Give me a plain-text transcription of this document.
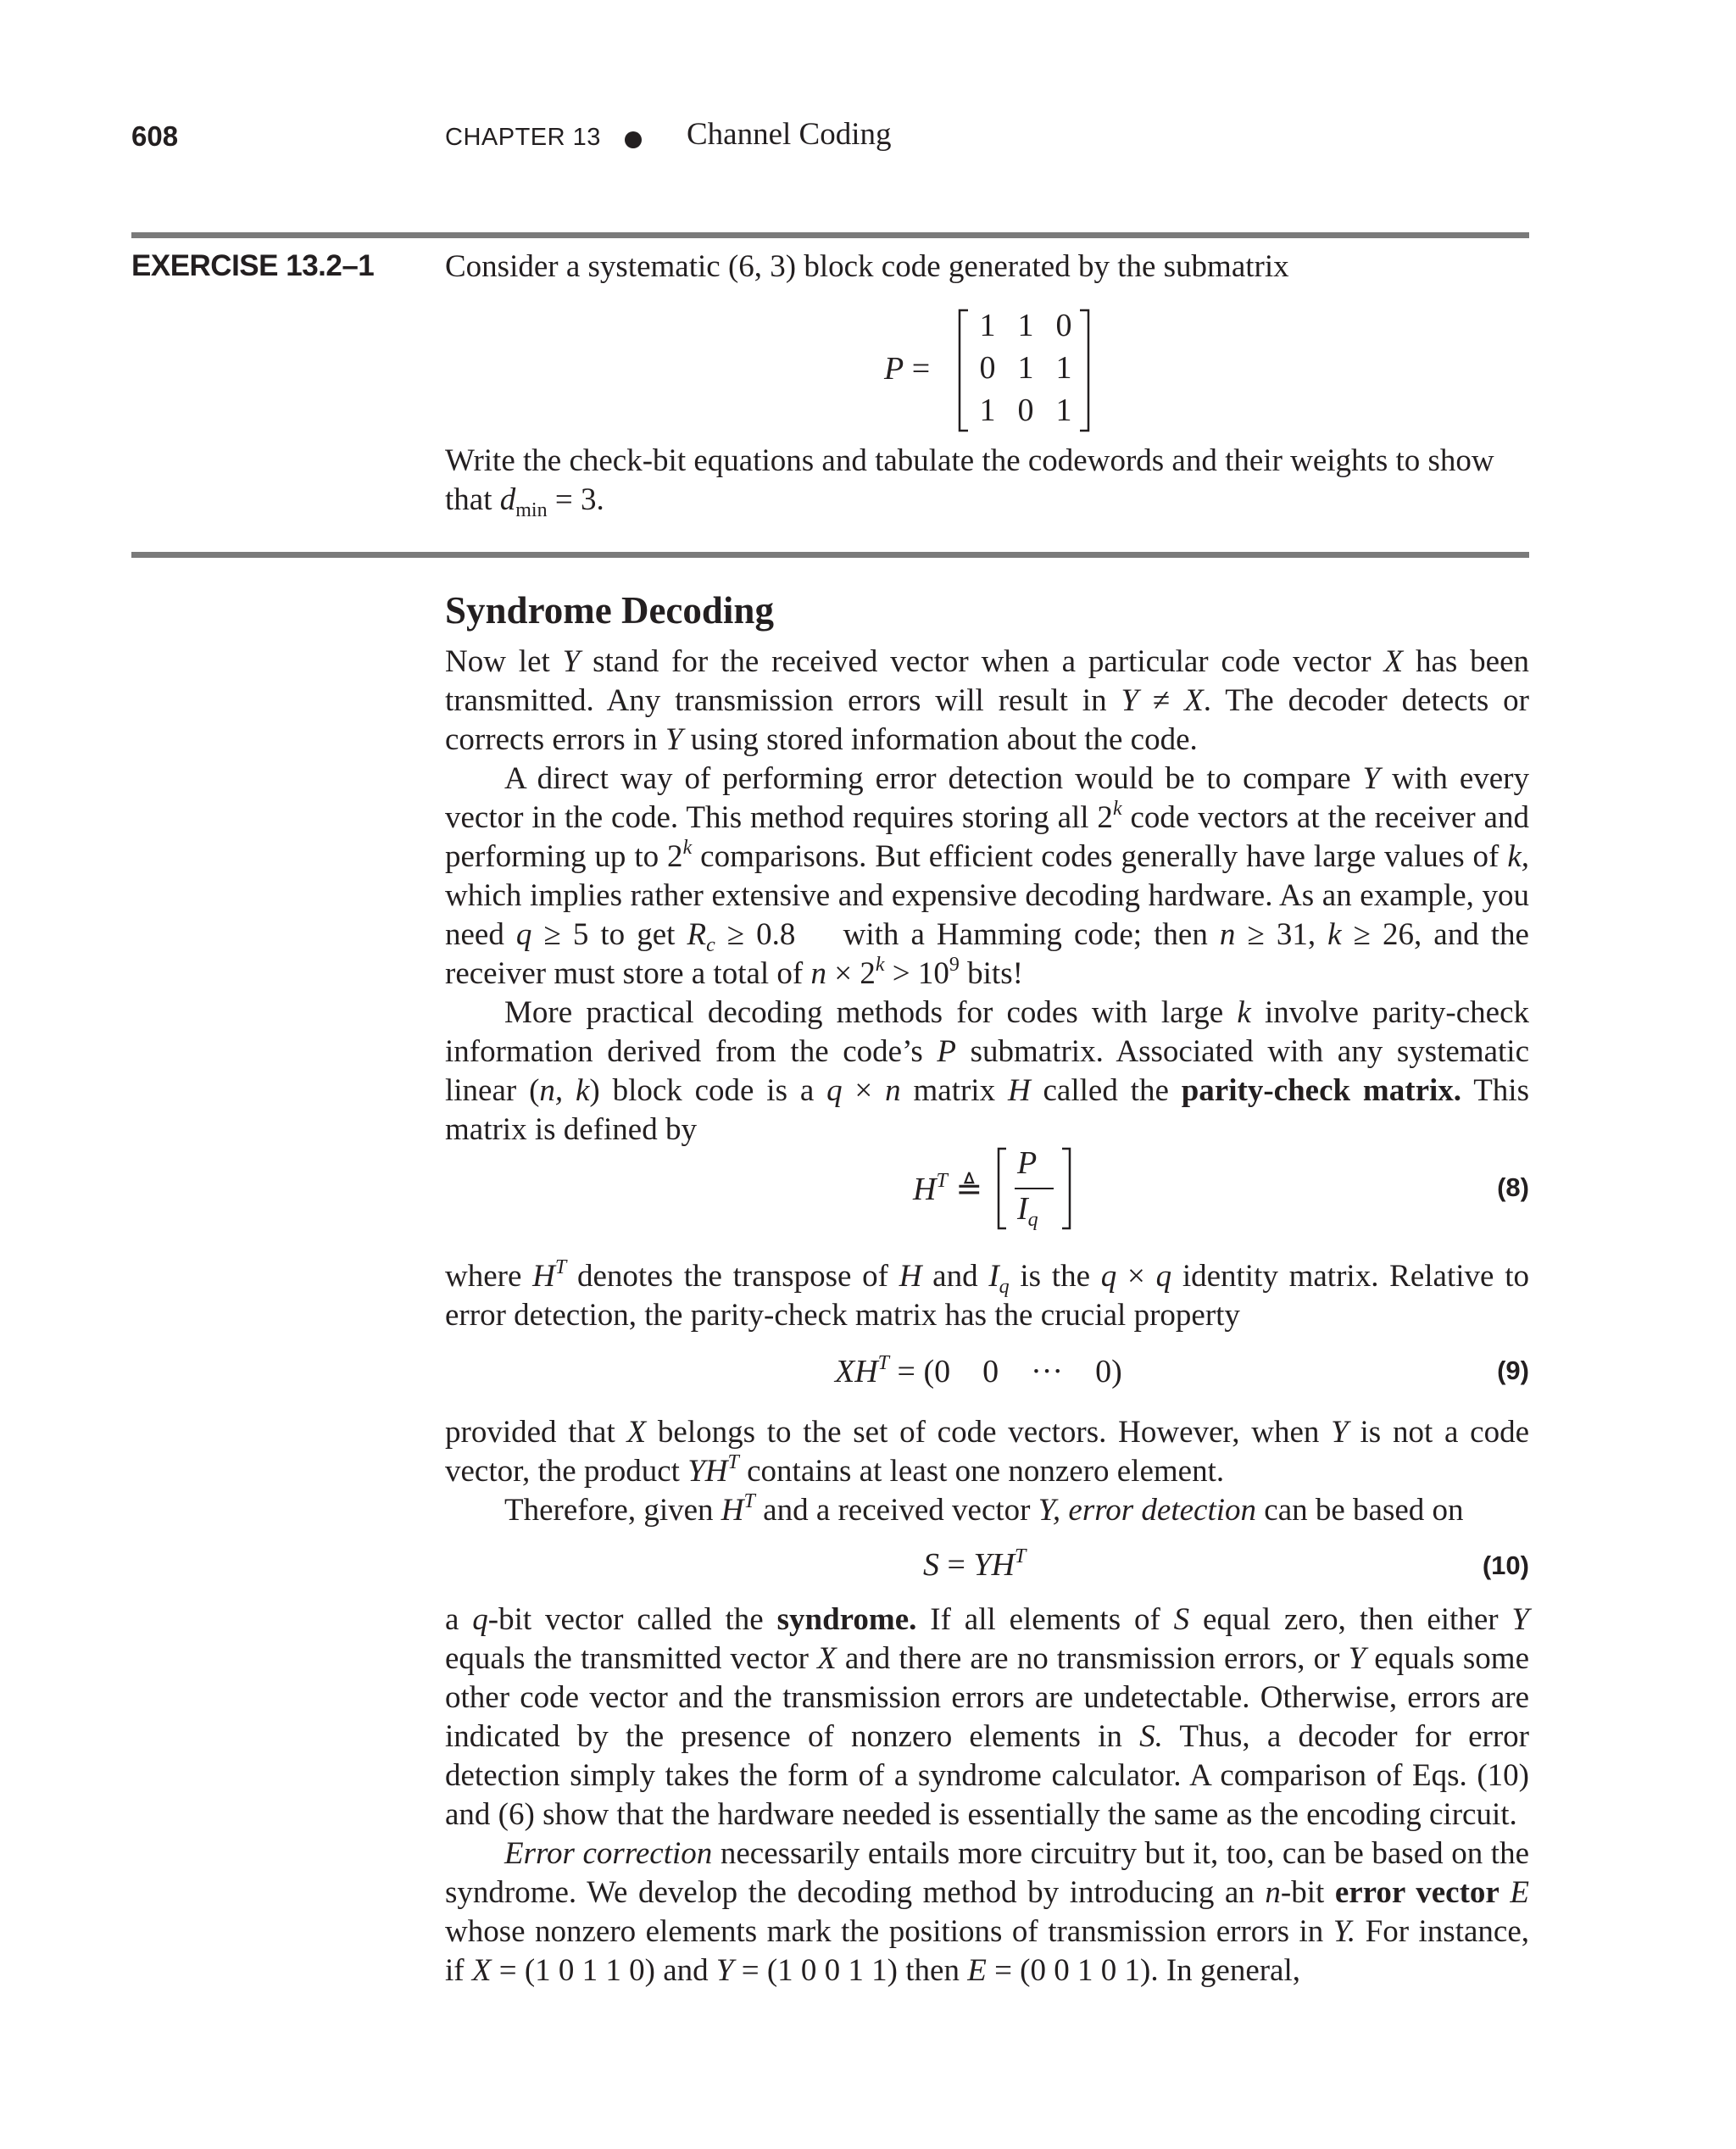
608	CHAPTER 13	Channel Coding
EXERCISE 13.2–1 Consider a systematic (6, 3) block code generated by the submatrix
P =
1 1 0
0 1 1
1 0 1

Write the check-bit equations and tabulate the codewords and their weights to show

that $d_{min} = 3$.

Syndrome Decoding

Now let Y stand for the received vector when a particular code vector X has been transmitted. Any transmission errors will result in Y ≠ X. The decoder detects or corrects errors in Y using stored information about the code.

A direct way of performing error detection would be to compare Y with every vector in the code. This method requires storing all 2$^k$ code vectors at the receiver and performing up to 2$^k$ comparisons. But efficient codes generally have large values of k, which implies rather extensive and expensive decoding hardware. As an example, you need q ≥ 5 to get $R_c \ge 0.8$    with a Hamming code; then n ≥ 31, k ≥ 26, and the receiver must store a total of $n \times 2^k > 10^9$ bits!

More practical decoding methods for codes with large k involve parity-check information derived from the code’s P submatrix. Associated with any systematic linear (n, k) block code is a q × n matrix H called the parity-check matrix. This matrix is defined by

$H^T$ ≜
P
$I_q$
(8)

where $H^T$ denotes the transpose of H and $I_q$ is the q × q identity matrix. Relative to error detection, the parity-check matrix has the crucial property

$XH^T = (0$    0    ···    0)	(9)

provided that X belongs to the set of code vectors. However, when Y is not a code vector, the product $YH^T$ contains at least one nonzero element.

Therefore, given $H^T$ and a received vector Y, error detection can be based on

$S = YH^T$	(10)

a q-bit vector called the syndrome. If all elements of S equal zero, then either Y equals the transmitted vector X and there are no transmission errors, or Y equals some other code vector and the transmission errors are undetectable. Otherwise, errors are indicated by the presence of nonzero elements in S. Thus, a decoder for error detection simply takes the form of a syndrome calculator. A comparison of Eqs. (10) and (6) show that the hardware needed is essentially the same as the encoding circuit.

Error correction necessarily entails more circuitry but it, too, can be based on the syndrome. We develop the decoding method by introducing an n-bit error vector E whose nonzero elements mark the positions of transmission errors in Y. For instance, if X = (1 0 1 1 0) and Y = (1 0 0 1 1) then E = (0 0 1 0 1). In general,
